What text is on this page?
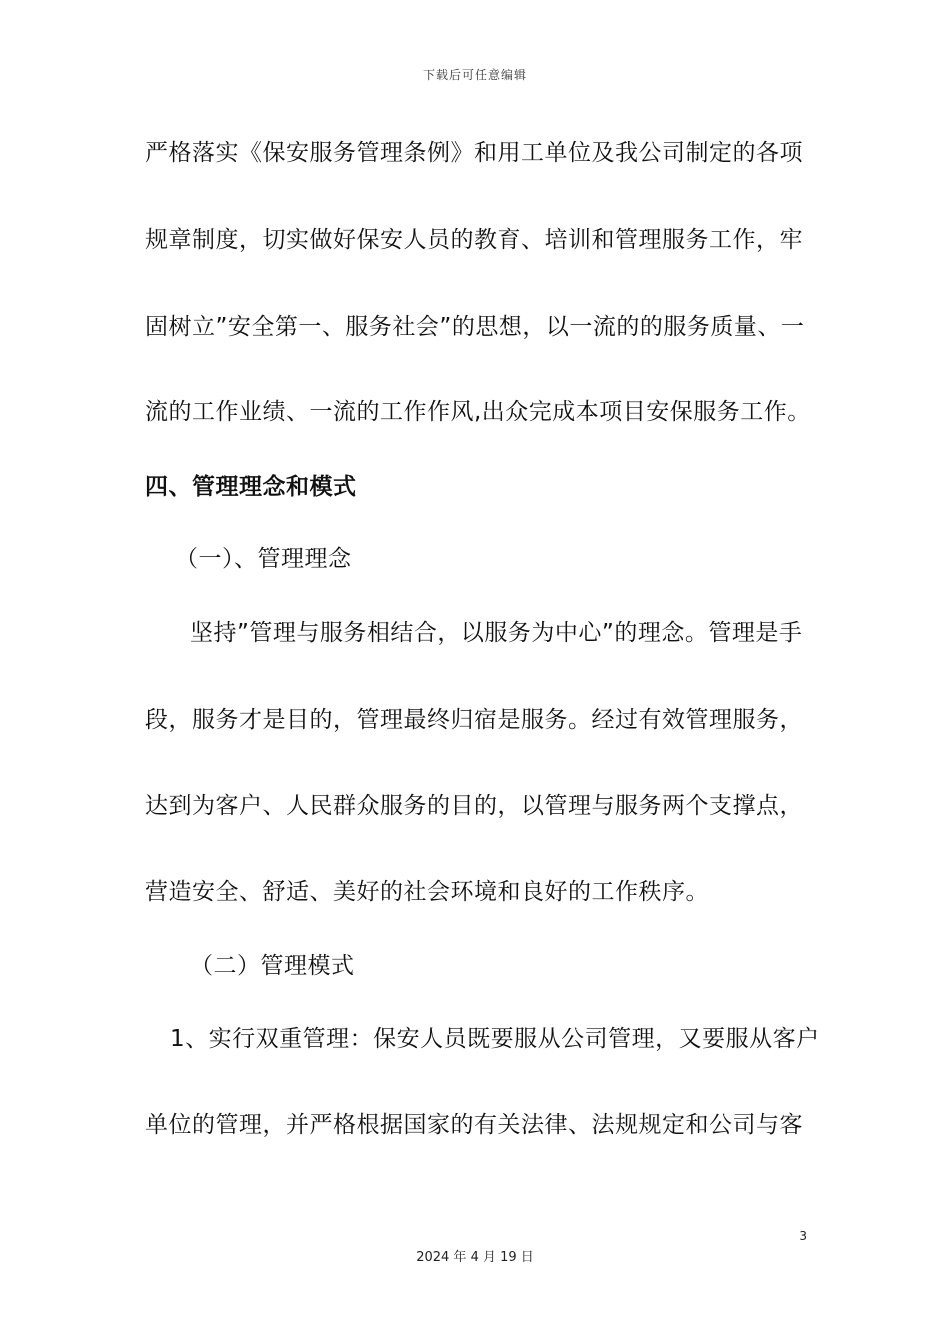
下载后可任意编辑
严格落实《保安服务管理条例》和用工单位及我公司制定的各项
规章制度，切实做好保安人员的教育、培训和管理服务工作，牢
固树立”安全第一、服务社会”的思想，以一流的的服务质量、一
流的工作业绩、一流的工作作风,出众完成本项目安保服务工作。
四、管理理念和模式
（一）、管理理念
坚持”管理与服务相结合，以服务为中心”的理念。管理是手
段，服务才是目的，管理最终归宿是服务。经过有效管理服务，
达到为客户、人民群众服务的目的，以管理与服务两个支撑点，
营造安全、舒适、美好的社会环境和良好的工作秩序。
（二）管理模式
1、实行双重管理：保安人员既要服从公司管理，又要服从客户
单位的管理，并严格根据国家的有关法律、法规规定和公司与客
3
2024 年 4 月 19 日
